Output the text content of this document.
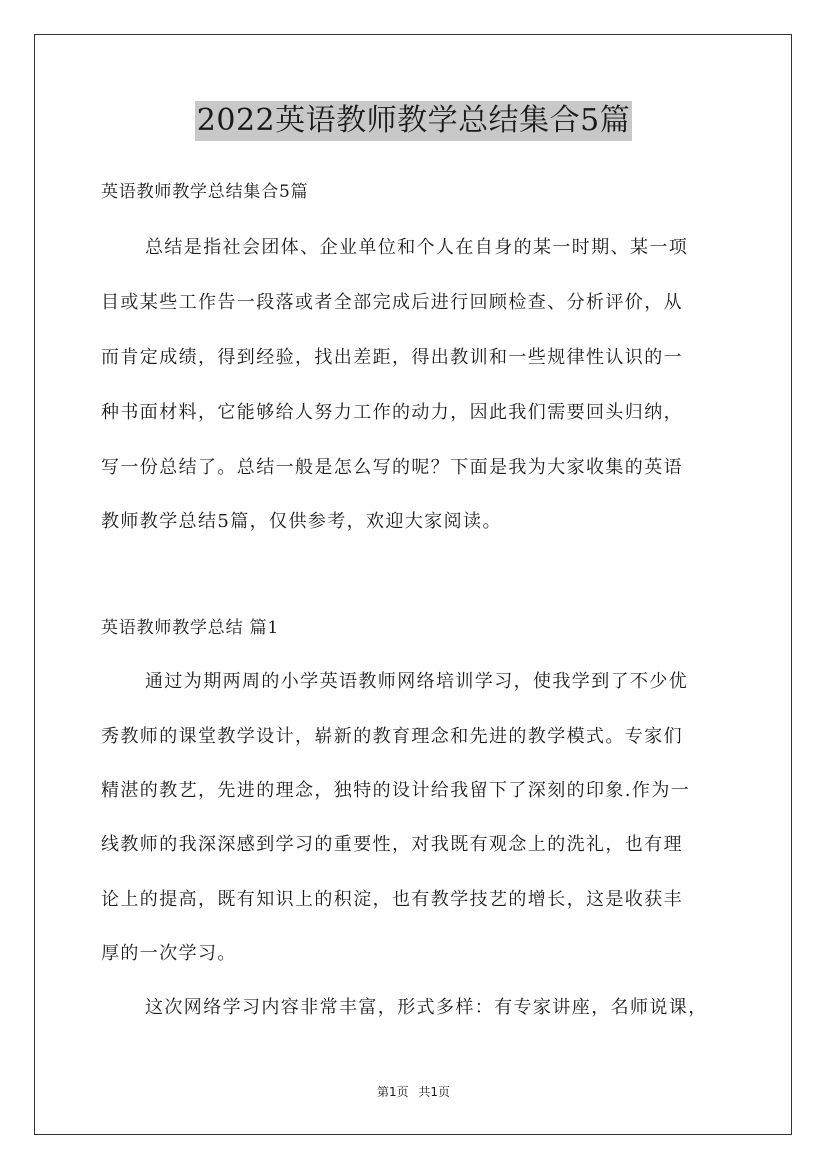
2022英语教师教学总结集合5篇
英语教师教学总结集合5篇
总结是指社会团体、企业单位和个人在自身的某一时期、某一项
目或某些工作告一段落或者全部完成后进行回顾检查、分析评价，从
而肯定成绩，得到经验，找出差距，得出教训和一些规律性认识的一
种书面材料，它能够给人努力工作的动力，因此我们需要回头归纳，
写一份总结了。总结一般是怎么写的呢？下面是我为大家收集的英语
教师教学总结5篇，仅供参考，欢迎大家阅读。
英语教师教学总结 篇1
通过为期两周的小学英语教师网络培训学习，使我学到了不少优
秀教师的课堂教学设计，崭新的教育理念和先进的教学模式。专家们
精湛的教艺，先进的理念，独特的设计给我留下了深刻的印象.作为一
线教师的我深深感到学习的重要性，对我既有观念上的洗礼，也有理
论上的提高，既有知识上的积淀，也有教学技艺的增长，这是收获丰
厚的一次学习。
这次网络学习内容非常丰富，形式多样：有专家讲座，名师说课，
第1页 共1页
